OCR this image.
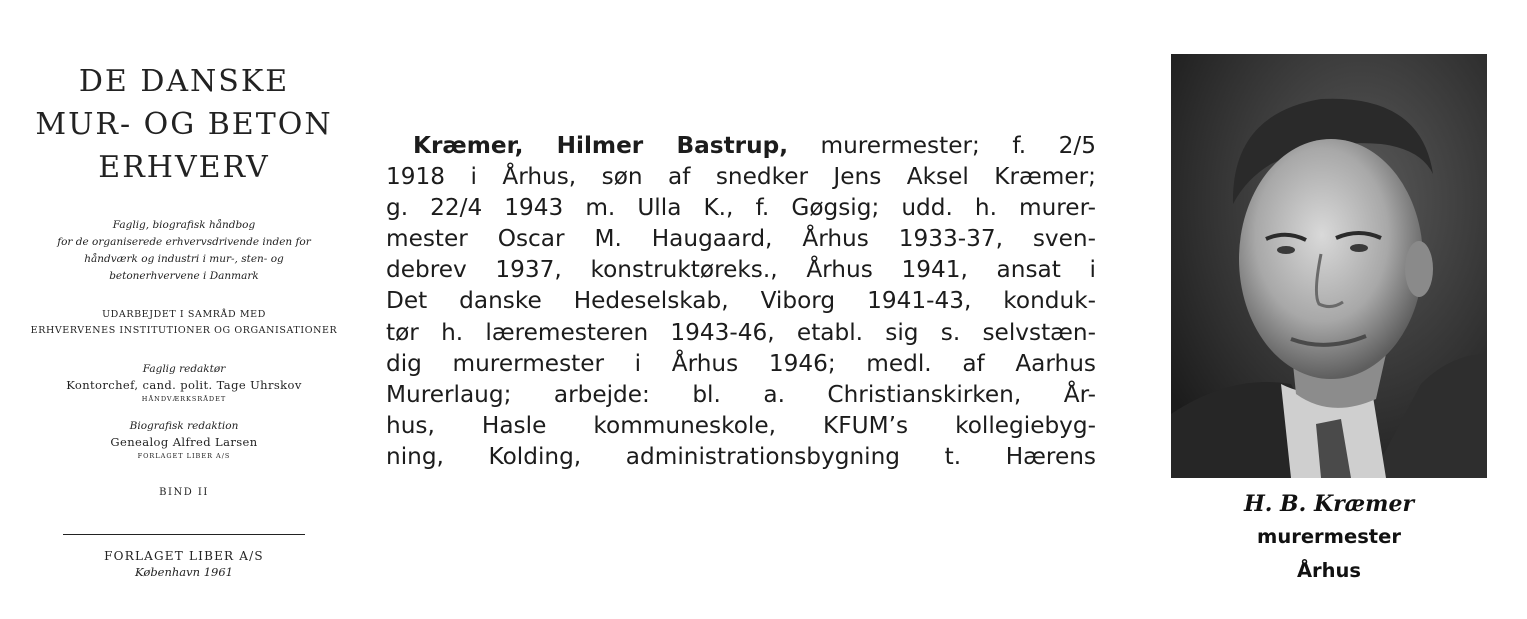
DE DANSKE
MUR- OG BETON
ERHVERV
Faglig, biografisk håndbog
for de organiserede erhvervsdrivende inden for
håndværk og industri i mur-, sten- og
betonerhvervene i Danmark
UDARBEJDET I SAMRÅD MED
ERHVERVENES INSTITUTIONER OG ORGANISATIONER
Faglig redaktør
Kontorchef, cand. polit. Tage Uhrskov
HÅNDVÆRKSRÅDET
Biografisk redaktion
Genealog Alfred Larsen
FORLAGET LIBER A/S
BIND II
FORLAGET LIBER A/S
København 1961
Kræmer, Hilmer Bastrup, murermester; f. 2/5
1918 i Århus, søn af snedker Jens Aksel Kræmer;
g. 22/4 1943 m. Ulla K., f. Gøgsig; udd. h. murer-
mester Oscar M. Haugaard, Århus 1933-37, sven-
debrev 1937, konstruktøreks., Århus 1941, ansat i
Det danske Hedeselskab, Viborg 1941-43, konduk-
tør h. læremesteren 1943-46, etabl. sig s. selvstæn-
dig murermester i Århus 1946; medl. af Aarhus
Murerlaug; arbejde: bl. a. Christianskirken, År-
hus, Hasle kommuneskole, KFUM’s kollegiebyg-
ning, Kolding, administrationsbygning t. Hærens
H. B. Kræmer
murermester
Århus
